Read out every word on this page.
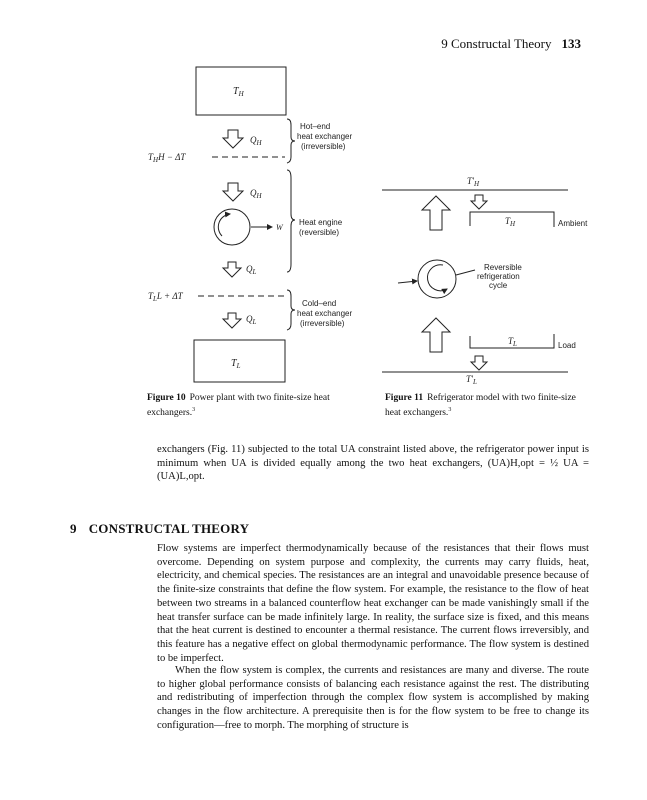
9 Constructal Theory 133
$T_H$
$Q_H$
$T_HH - \Delta T$
$Q_H$
Hot–end
heat exchanger
(irreversible)
Heat engine
(reversible)
W
$Q_L$
$T_LL + \Delta T$
$Q_L$
Cold–end
heat exchanger
(irreversible)
$T_L$
$T'_H$
$T_H$	Ambient
Reversible
refrigeration
cycle
$T_L$	Load
$T'_L$
Figure 10 Power plant with two finite-size heat exchangers.$^3$
Figure 11 Refrigerator model with two finite-size heat exchangers.$^3$
exchangers (Fig. 11) subjected to the total UA constraint listed above, the refrigerator power input is minimum when UA is divided equally among the two heat exchangers, (UA)H,opt = ½ UA = (UA)L,opt.
9 CONSTRUCTAL THEORY
Flow systems are imperfect thermodynamically because of the resistances that their flows must overcome. Depending on system purpose and complexity, the currents may carry fluids, heat, electricity, and chemical species. The resistances are an integral and unavoidable presence because of the finite-size constraints that define the flow system. For example, the resistance to the flow of heat between two streams in a balanced counterflow heat exchanger can be made vanishingly small if the heat transfer surface can be made infinitely large. In reality, the surface size is fixed, and this means that the heat current is destined to encounter a thermal resistance. The current flows irreversibly, and this feature has a negative effect on global thermodynamic performance. The flow system is destined to be imperfect.
When the flow system is complex, the currents and resistances are many and diverse. The route to higher global performance consists of balancing each resistance against the rest. The distributing and redistributing of imperfection through the complex flow system is accomplished by making changes in the flow architecture. A prerequisite then is for the flow system to be free to change its configuration—free to morph. The morphing of structure is
